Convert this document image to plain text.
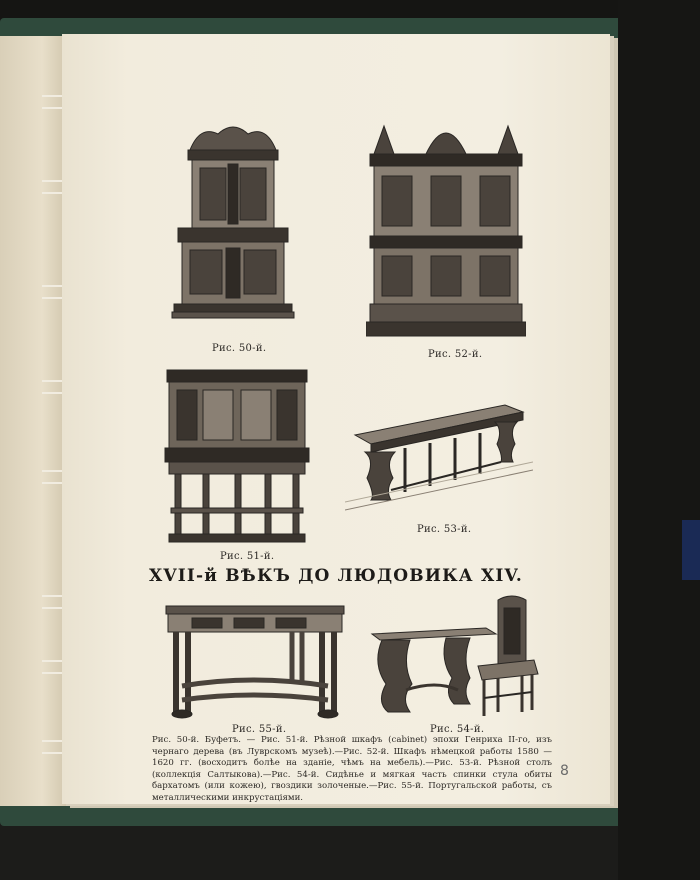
Рис. 50-й.
Рис. 52-й.
Рис. 51-й.
Рис. 53-й.
XVII-й ВѢКЪ ДО ЛЮДОВИКА XIV.
Рис. 55-й.	Рис. 54-й.

Рис. 50-й. Буфетъ. — Рис. 51-й. Рѣзной шкафъ (cabinet) эпохи Генриха II-го, изъ чернаго дерева (въ Луврскомъ музеѣ).—Рис. 52-й. Шкафъ нѣмецкой работы 1580 — 1620 гг. (восходитъ болѣе на зданіе, чѣмъ на мебель).—Рис. 53-й. Рѣзной столъ (коллекція Салтыкова).—Рис. 54-й. Сидѣнье и мягкая часть спинки стула обиты бархатомъ (или кожею), гвоздики золоченые.—Рис. 55-й. Португальской работы, съ металлическими инкрустаціями.

8
